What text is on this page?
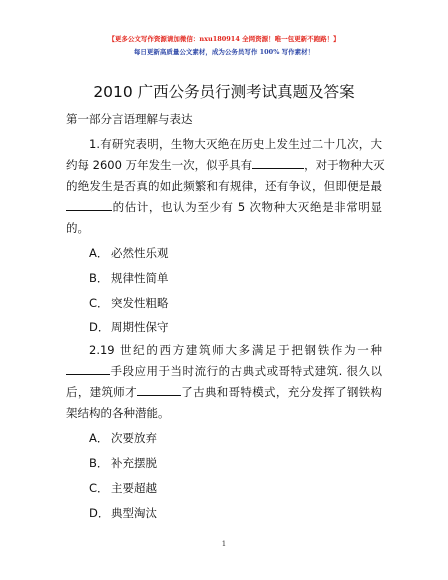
【更多公文写作资源请加微信：nxu180914 全网资源！唯一包更新不跑路！】
每日更新高质量公文素材，成为公务员写作 100% 写作素材！
2010 广西公务员行测考试真题及答案
第一部分言语理解与表达
1.有研究表明，生物大灭绝在历史上发生过二十几次，大
约每 2600 万年发生一次，似乎具有	，对于物种大灭
的绝发生是否真的如此频繁和有规律，还有争议，但即便是最
的估计，也认为至少有 5 次物种大灭绝是非常明显
的。
A． 必然性乐观
B． 规律性简单
C． 突发性粗略
D． 周期性保守
2.19 世纪的西方建筑师大多满足于把钢铁作为一种
手段应用于当时流行的古典式或哥特式建筑. 很久以
后，建筑师才	了古典和哥特模式，充分发挥了钢铁构
架结构的各种潜能。
A． 次要放弃
B． 补充摆脱
C． 主要超越
D． 典型淘汰
1
